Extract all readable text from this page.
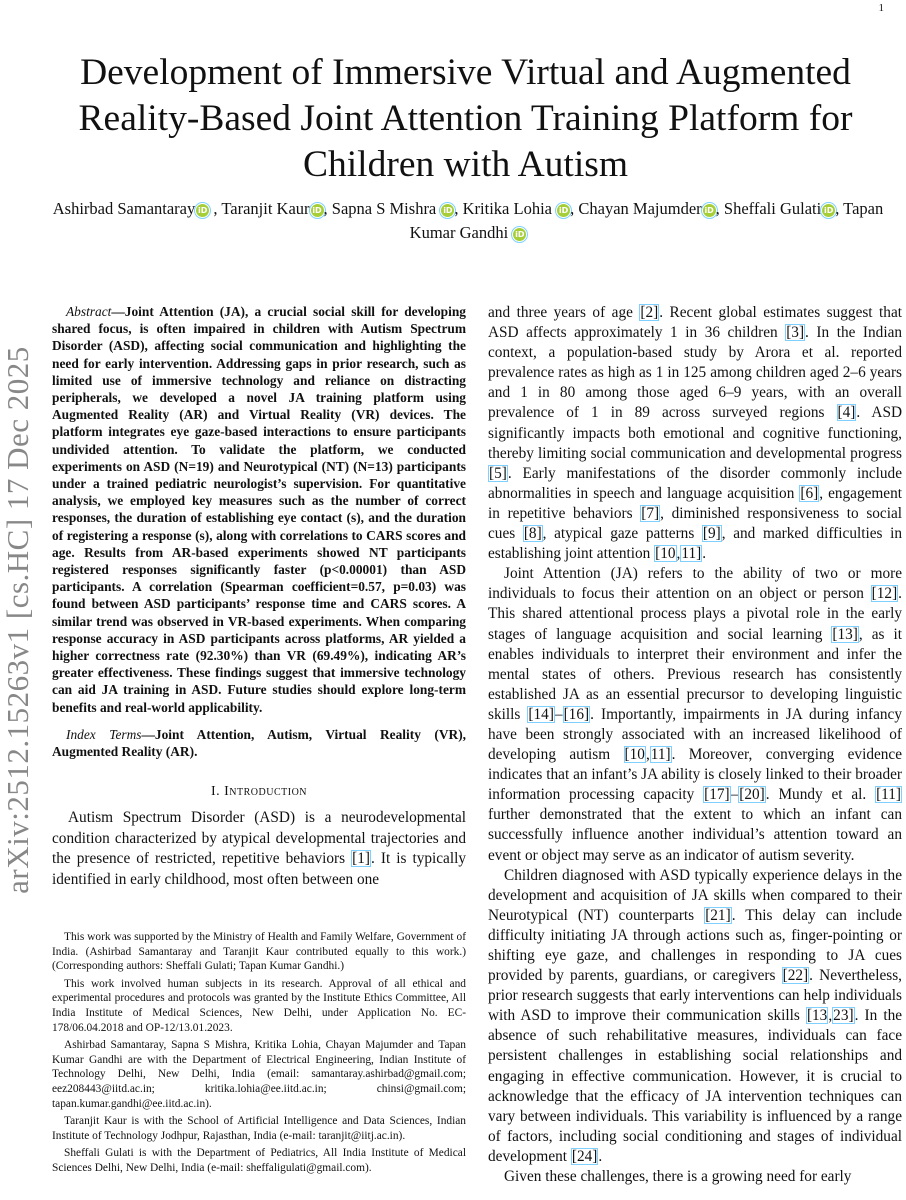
1
arXiv:2512.15263v1 [cs.HC] 17 Dec 2025
Development of Immersive Virtual and Augmented Reality-Based Joint Attention Training Platform for Children with Autism
Ashirbad Samantaray iD , Taranjit Kaur iD , Sapna S Mishra iD , Kritika Lohia iD , Chayan Majumder iD , Sheffali Gulati iD , Tapan Kumar Gandhi iD

Abstract—Joint Attention (JA), a crucial social skill for developing shared focus, is often impaired in children with Autism Spectrum Disorder (ASD), affecting social communication and highlighting the need for early intervention. Addressing gaps in prior research, such as limited use of immersive technology and reliance on distracting peripherals, we developed a novel JA training platform using Augmented Reality (AR) and Virtual Reality (VR) devices. The platform integrates eye gaze-based interactions to ensure participants undivided attention. To validate the platform, we conducted experiments on ASD (N=19) and Neurotypical (NT) (N=13) participants under a trained pediatric neurologist’s supervision. For quantitative analysis, we employed key measures such as the number of correct responses, the duration of establishing eye contact (s), and the duration of registering a response (s), along with correlations to CARS scores and age. Results from AR-based experiments showed NT participants registered responses significantly faster (p<0.00001) than ASD participants. A correlation (Spearman coefficient=0.57, p=0.03) was found between ASD participants’ response time and CARS scores. A similar trend was observed in VR-based experiments. When comparing response accuracy in ASD participants across platforms, AR yielded a higher correctness rate (92.30%) than VR (69.49%), indicating AR’s greater effectiveness. These findings suggest that immersive technology can aid JA training in ASD. Future studies should explore long-term benefits and real-world applicability.

Index Terms—Joint Attention, Autism, Virtual Reality (VR), Augmented Reality (AR).

I. Introduction

Autism Spectrum Disorder (ASD) is a neurodevelopmental condition characterized by atypical developmental trajectories and the presence of restricted, repetitive behaviors [1]. It is typically identified in early childhood, most often between one

This work was supported by the Ministry of Health and Family Welfare, Government of India. (Ashirbad Samantaray and Taranjit Kaur contributed equally to this work.) (Corresponding authors: Sheffali Gulati; Tapan Kumar Gandhi.)

This work involved human subjects in its research. Approval of all ethical and experimental procedures and protocols was granted by the Institute Ethics Committee, All India Institute of Medical Sciences, New Delhi, under Application No. EC-178/06.04.2018 and OP-12/13.01.2023.

Ashirbad Samantaray, Sapna S Mishra, Kritika Lohia, Chayan Majumder and Tapan Kumar Gandhi are with the Department of Electrical Engineering, Indian Institute of Technology Delhi, New Delhi, India (email: samantaray.ashirbad@gmail.com; eez208443@iitd.ac.in; kritika.lohia@ee.iitd.ac.in; chinsi@gmail.com; tapan.kumar.gandhi@ee.iitd.ac.in).

Taranjit Kaur is with the School of Artificial Intelligence and Data Sciences, Indian Institute of Technology Jodhpur, Rajasthan, India (e-mail: taranjit@iitj.ac.in).

Sheffali Gulati is with the Department of Pediatrics, All India Institute of Medical Sciences Delhi, New Delhi, India (e-mail: sheffaligulati@gmail.com).

and three years of age [2]. Recent global estimates suggest that ASD affects approximately 1 in 36 children [3]. In the Indian context, a population-based study by Arora et al. reported prevalence rates as high as 1 in 125 among children aged 2–6 years and 1 in 80 among those aged 6–9 years, with an overall prevalence of 1 in 89 across surveyed regions [4]. ASD significantly impacts both emotional and cognitive functioning, thereby limiting social communication and developmental progress [5]. Early manifestations of the disorder commonly include abnormalities in speech and language acquisition [6], engagement in repetitive behaviors [7], diminished responsiveness to social cues [8], atypical gaze patterns [9], and marked difficulties in establishing joint attention [10,11].

Joint Attention (JA) refers to the ability of two or more individuals to focus their attention on an object or person [12]. This shared attentional process plays a pivotal role in the early stages of language acquisition and social learning [13], as it enables individuals to interpret their environment and infer the mental states of others. Previous research has consistently established JA as an essential precursor to developing linguistic skills [14]–[16]. Importantly, impairments in JA during infancy have been strongly associated with an increased likelihood of developing autism [10,11]. Moreover, converging evidence indicates that an infant’s JA ability is closely linked to their broader information processing capacity [17]–[20]. Mundy et al. [11] further demonstrated that the extent to which an infant can successfully influence another individual’s attention toward an event or object may serve as an indicator of autism severity.

Children diagnosed with ASD typically experience delays in the development and acquisition of JA skills when compared to their Neurotypical (NT) counterparts [21]. This delay can include difficulty initiating JA through actions such as, finger-pointing or shifting eye gaze, and challenges in responding to JA cues provided by parents, guardians, or caregivers [22]. Nevertheless, prior research suggests that early interventions can help individuals with ASD to improve their communication skills [13,23]. In the absence of such rehabilitative measures, individuals can face persistent challenges in establishing social relationships and engaging in effective communication. However, it is crucial to acknowledge that the efficacy of JA intervention techniques can vary between individuals. This variability is influenced by a range of factors, including social conditioning and stages of individual development [24].

Given these challenges, there is a growing need for early
